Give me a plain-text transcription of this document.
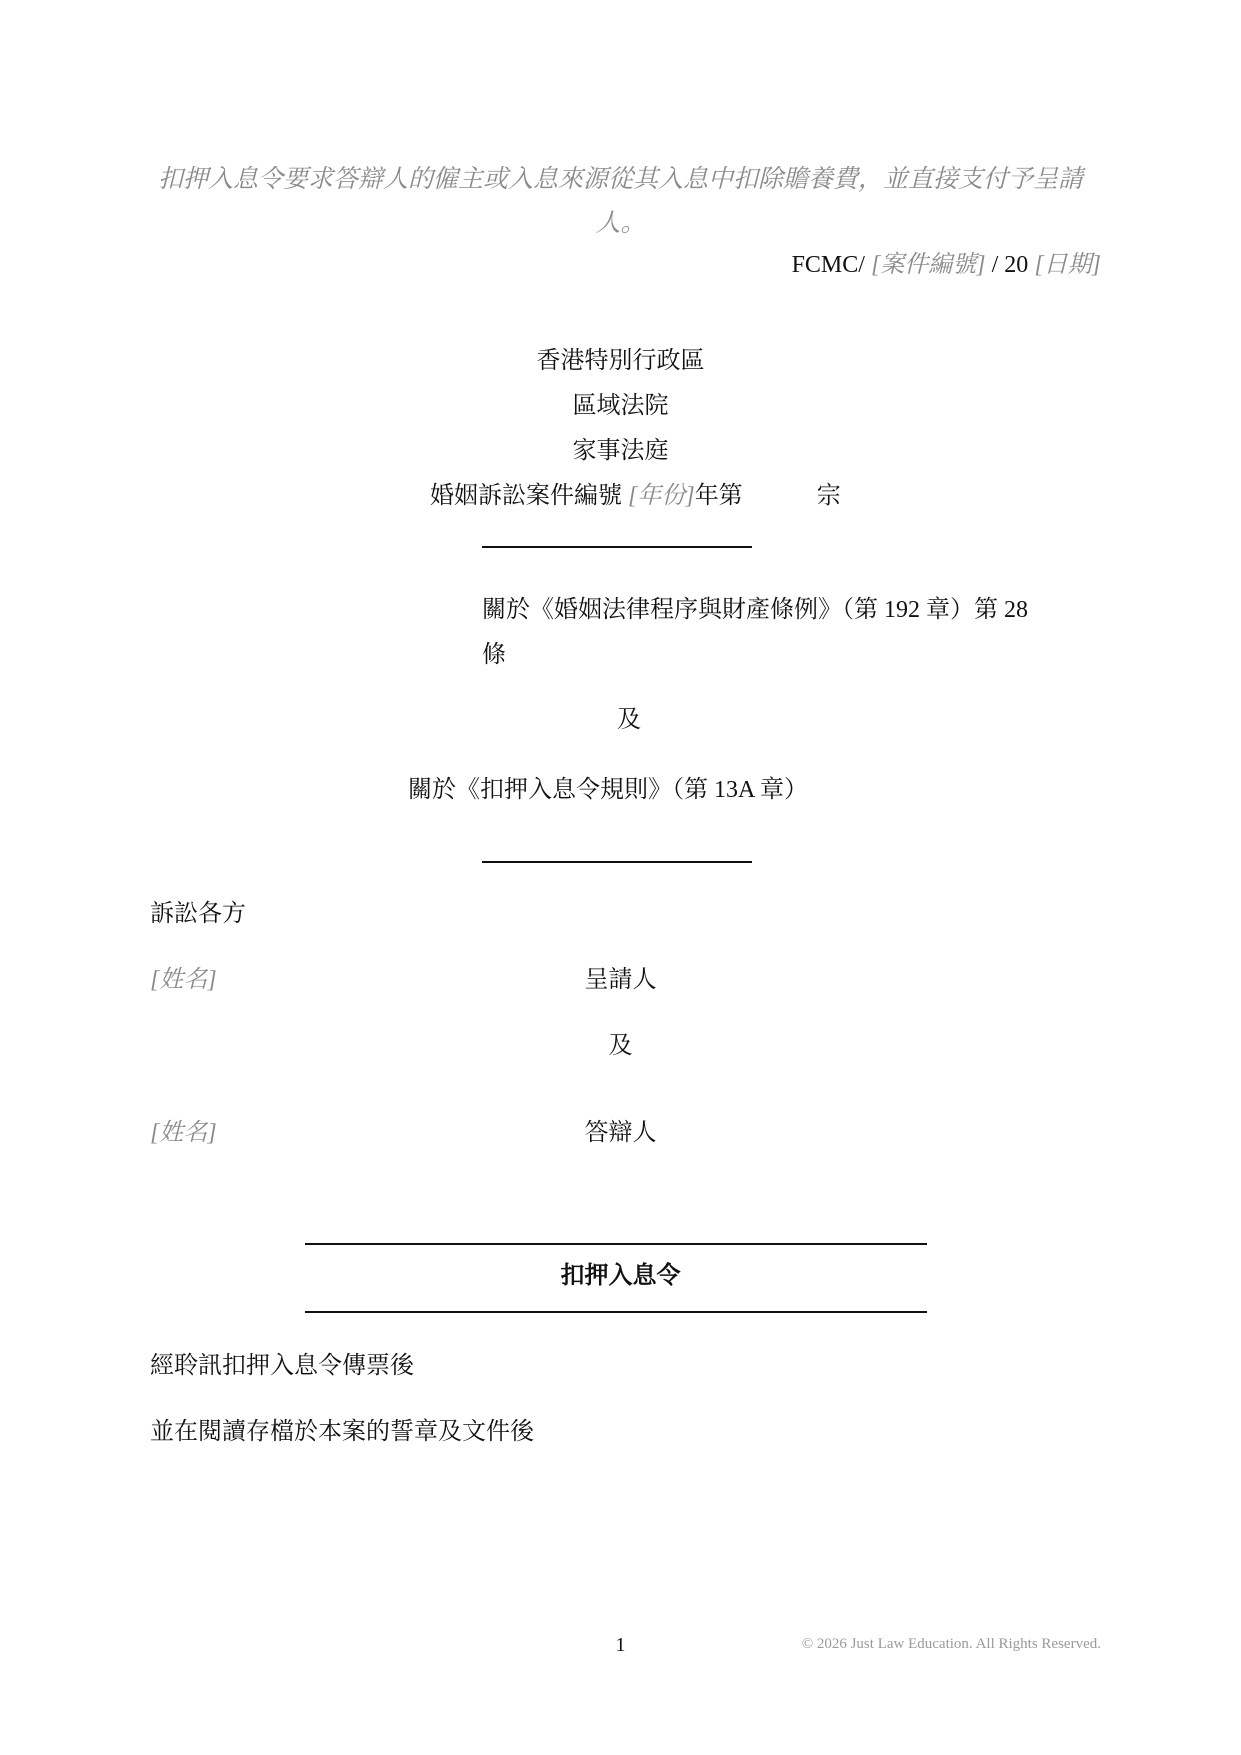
扣押入息令要求答辯人的僱主或入息來源從其入息中扣除贍養費，並直接支付予呈請人。
FCMC/ [案件編號] / 20 [日期]
香港特別行政區
區域法院
家事法庭
婚姻訴訟案件編號 [年份]年第	宗
關於《婚姻法律程序與財產條例》（第 192 章）第 28 條
及
關於《扣押入息令規則》（第 13A 章）
訴訟各方
[姓名]	呈請人
及
[姓名]	答辯人
扣押入息令
經聆訊扣押入息令傳票後
並在閱讀存檔於本案的誓章及文件後
1	© 2026 Just Law Education. All Rights Reserved.
